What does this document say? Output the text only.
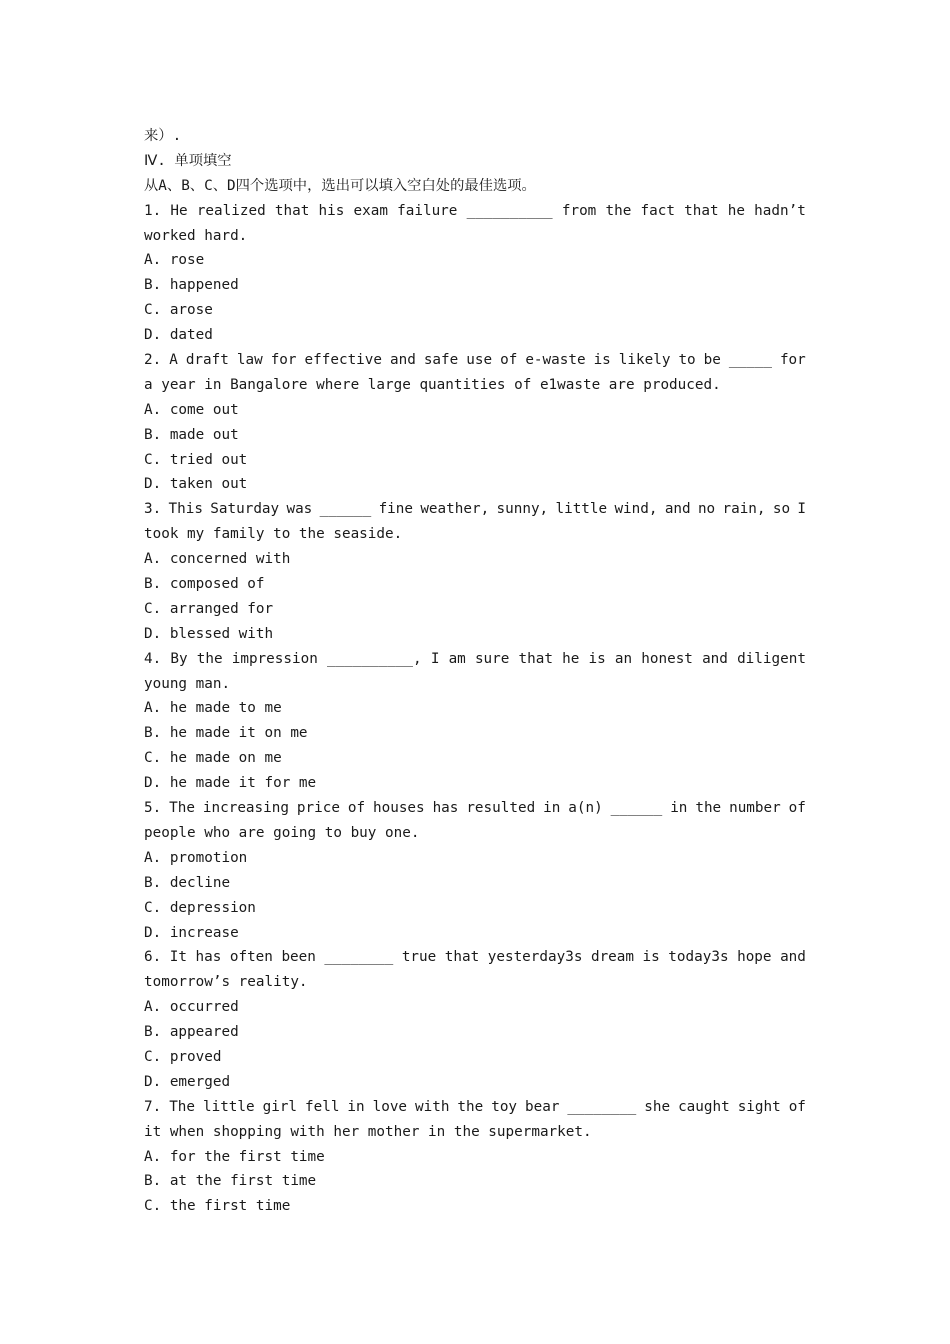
来）.
Ⅳ. 单项填空
从A、B、C、D四个选项中，选出可以填入空白处的最佳选项。
1. He realized that his exam failure __________ from the fact that he hadn’t
worked hard.
A. rose
B. happened
C. arose
D. dated
2. A draft law for effective and safe use of e-waste is likely to be _____ for
a year in Bangalore where large quantities of e1waste are produced.
A. come out
B. made out
C. tried out
D. taken out
3. This Saturday was ______ fine weather, sunny, little wind, and no rain, so I
took my family to the seaside.
A. concerned with
B. composed of
C. arranged for
D. blessed with
4. By the impression __________, I am sure that he is an honest and diligent
young man.
A. he made to me
B. he made it on me
C. he made on me
D. he made it for me
5. The increasing price of houses has resulted in a(n) ______ in the number of
people who are going to buy one.
A. promotion
B. decline
C. depression
D. increase
6. It has often been ________ true that yesterday3s dream is today3s hope and
tomorrow’s reality.
A. occurred
B. appeared
C. proved
D. emerged
7. The little girl fell in love with the toy bear ________ she caught sight of
it when shopping with her mother in the supermarket.
A. for the first time
B. at the first time
C. the first time
